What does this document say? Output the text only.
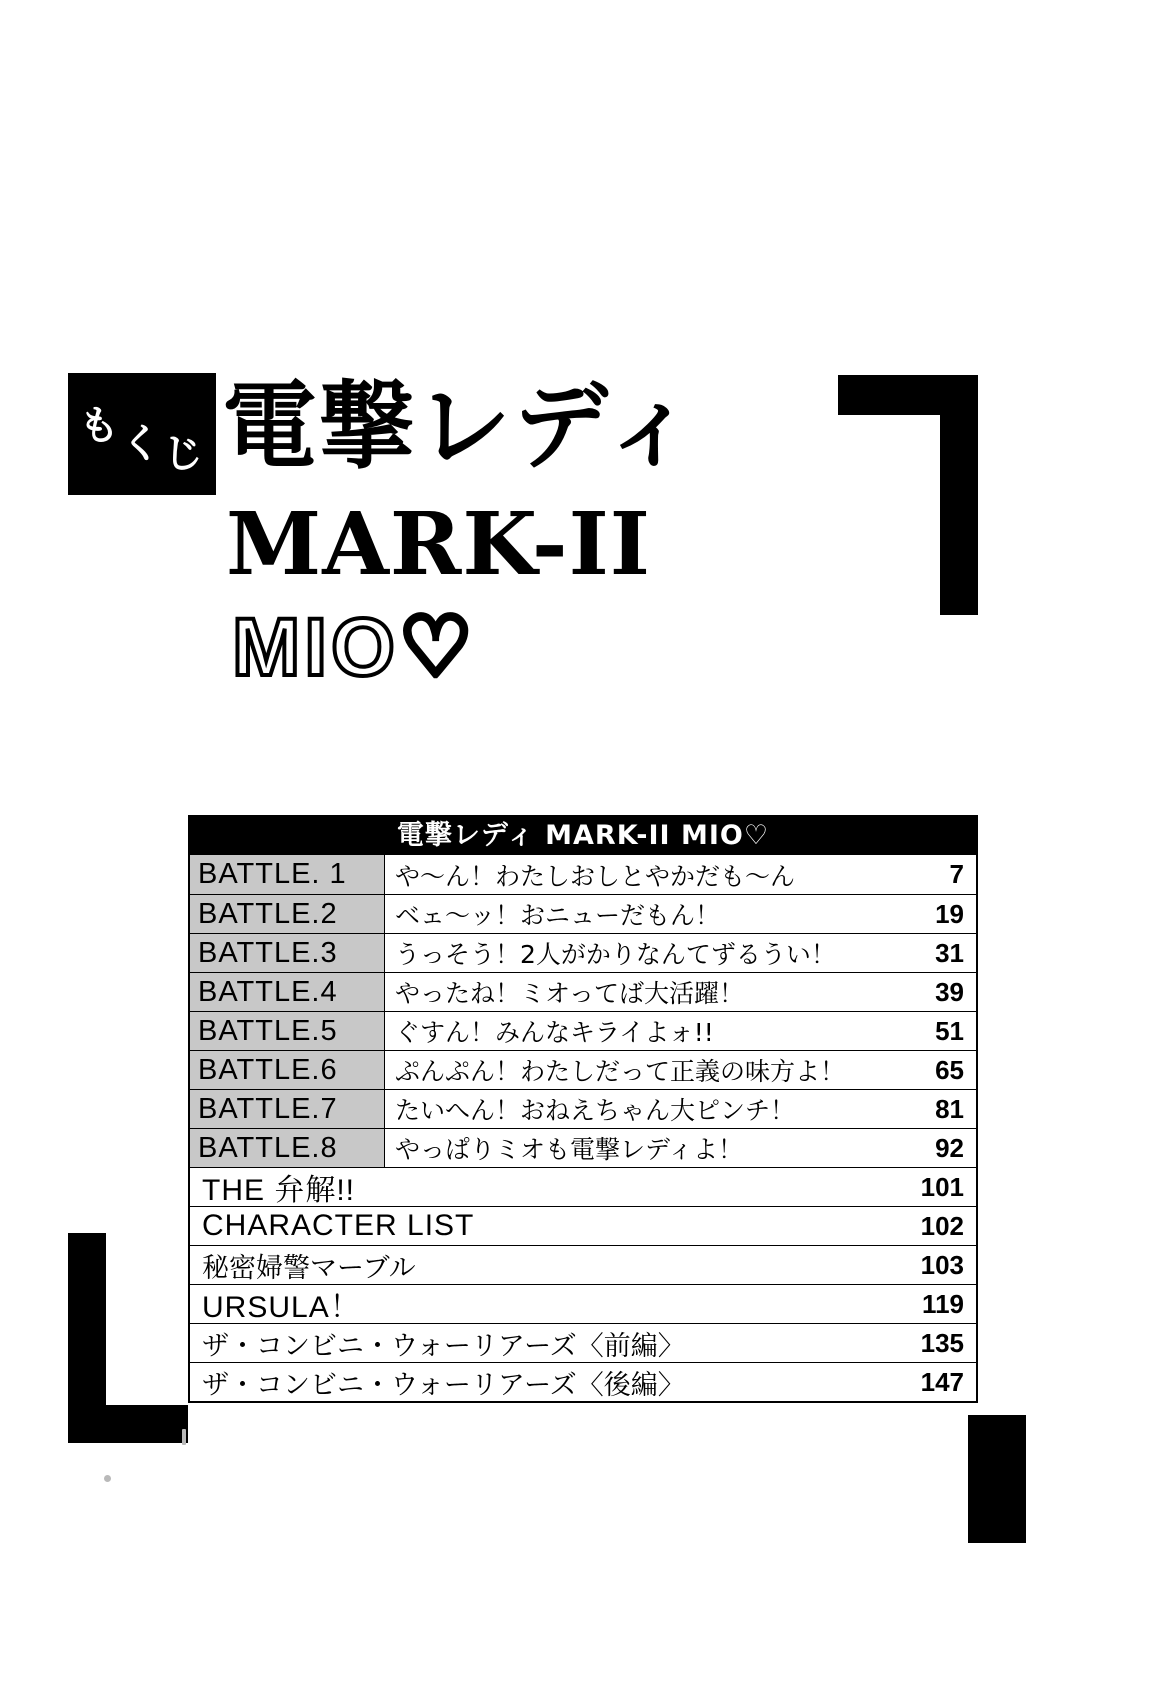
もくじ 電撃レディ
MARK-II
MIO♡
電撃レディ MARK-II MIO♡
BATTLE. 1	や～ん！わたしおしとやかだも～ん	7
BATTLE.2	ベェ～ッ！おニューだもん！	19
BATTLE.3	うっそう！2人がかりなんてずるうい！	31
BATTLE.4	やったね！ミオってば大活躍！	39
BATTLE.5	ぐすん！みんなキライよォ!!	51
BATTLE.6	ぷんぷん！わたしだって正義の味方よ！	65
BATTLE.7	たいへん！おねえちゃん大ピンチ！	81
BATTLE.8	やっぱりミオも電撃レディよ！	92
THE 弁解!!	101
CHARACTER LIST	102
秘密婦警マーブル	103
URSULA！	119
ザ・コンビニ・ウォーリアーズ〈前編〉	135
ザ・コンビニ・ウォーリアーズ〈後編〉	147
